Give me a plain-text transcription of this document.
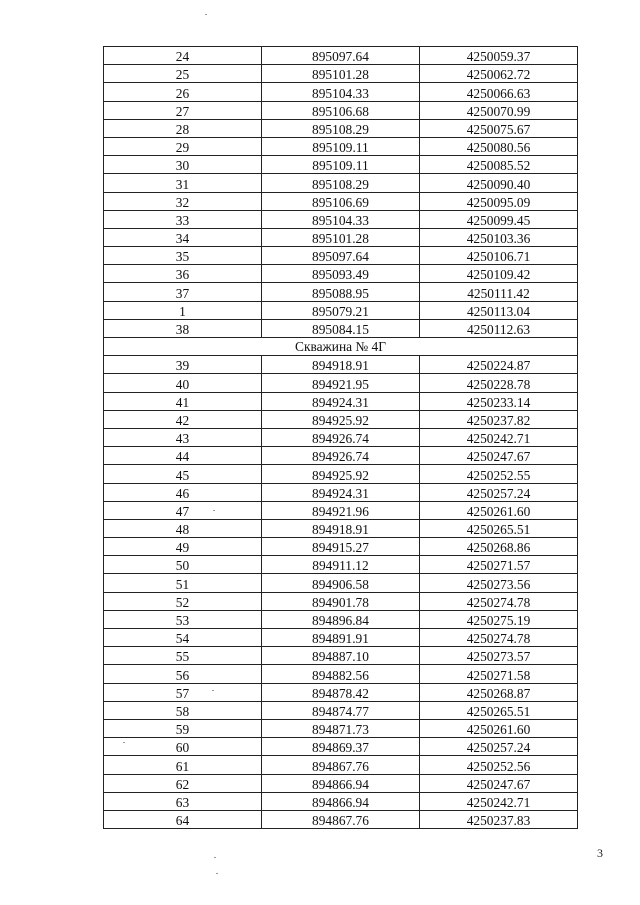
24	895097.64	4250059.37
25	895101.28	4250062.72
26	895104.33	4250066.63
27	895106.68	4250070.99
28	895108.29	4250075.67
29	895109.11	4250080.56
30	895109.11	4250085.52
31	895108.29	4250090.40
32	895106.69	4250095.09
33	895104.33	4250099.45
34	895101.28	4250103.36
35	895097.64	4250106.71
36	895093.49	4250109.42
37	895088.95	4250111.42
1	895079.21	4250113.04
38	895084.15	4250112.63
Скважина № 4Г		
39	894918.91	4250224.87
40	894921.95	4250228.78
41	894924.31	4250233.14
42	894925.92	4250237.82
43	894926.74	4250242.71
44	894926.74	4250247.67
45	894925.92	4250252.55
46	894924.31	4250257.24
47	894921.96	4250261.60
48	894918.91	4250265.51
49	894915.27	4250268.86
50	894911.12	4250271.57
51	894906.58	4250273.56
52	894901.78	4250274.78
53	894896.84	4250275.19
54	894891.91	4250274.78
55	894887.10	4250273.57
56	894882.56	4250271.58
57	894878.42	4250268.87
58	894874.77	4250265.51
59	894871.73	4250261.60
60	894869.37	4250257.24
61	894867.76	4250252.56
62	894866.94	4250247.67
63	894866.94	4250242.71
64	894867.76	4250237.83
3
